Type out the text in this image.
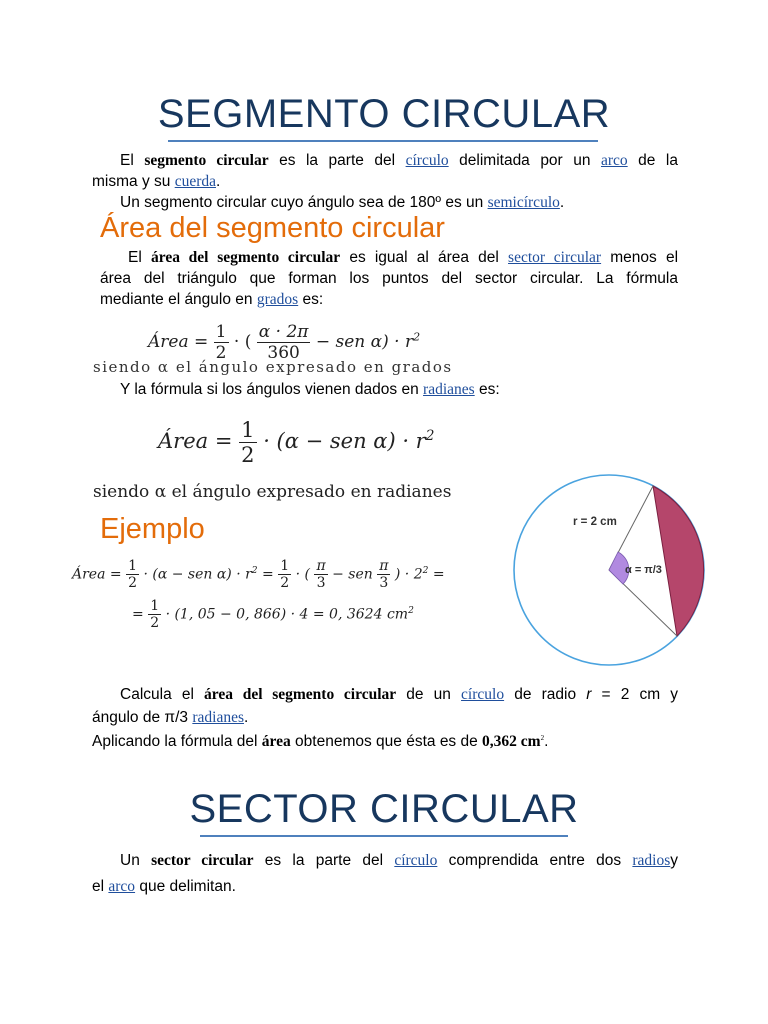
SEGMENTO CIRCULAR
El segmento circular es la parte del círculo delimitada por un arco de la
misma y su cuerda.
Un segmento circular cuyo ángulo sea de 180º es un semicírculo.
Área del segmento circular
El área del segmento circular es igual al área del sector circular menos el
área del triángulo que forman los puntos del sector circular. La fórmula
mediante el ángulo en grados es:
Área = $\frac{1}{2}$ · ( $\frac{\alpha \cdot 2\pi}{360}$ − sen $\alpha) \cdot r^2$
siendo α el ángulo expresado en grados
Y la fórmula si los ángulos vienen dados en radianes es:
Área = $\frac{1}{2} \cdot (\alpha$ − sen $\alpha) \cdot r^2$
siendo α el ángulo expresado en radianes
Ejemplo
Área = $\frac{1}{2} \cdot (\alpha$ − sen $\alpha) \cdot r^2 = \frac{1}{2}$ · ( $\frac{\pi}{3}$ − sen $\frac{\pi}{3}$ ) · $2^2$ =
= $\frac{1}{2} \cdot (1$, 05 − 0, 866) · 4 = 0, 3624 $cm^2$
r = 2 cm
α = π/3
Calcula el área del segmento circular de un círculo de radio r = 2 cm y
ángulo de π/3 radianes.
Aplicando la fórmula del área obtenemos que ésta es de 0,362 $cm^2$.
SECTOR CIRCULAR
Un sector circular es la parte del círculo comprendida entre dos radiosy
el arco que delimitan.
